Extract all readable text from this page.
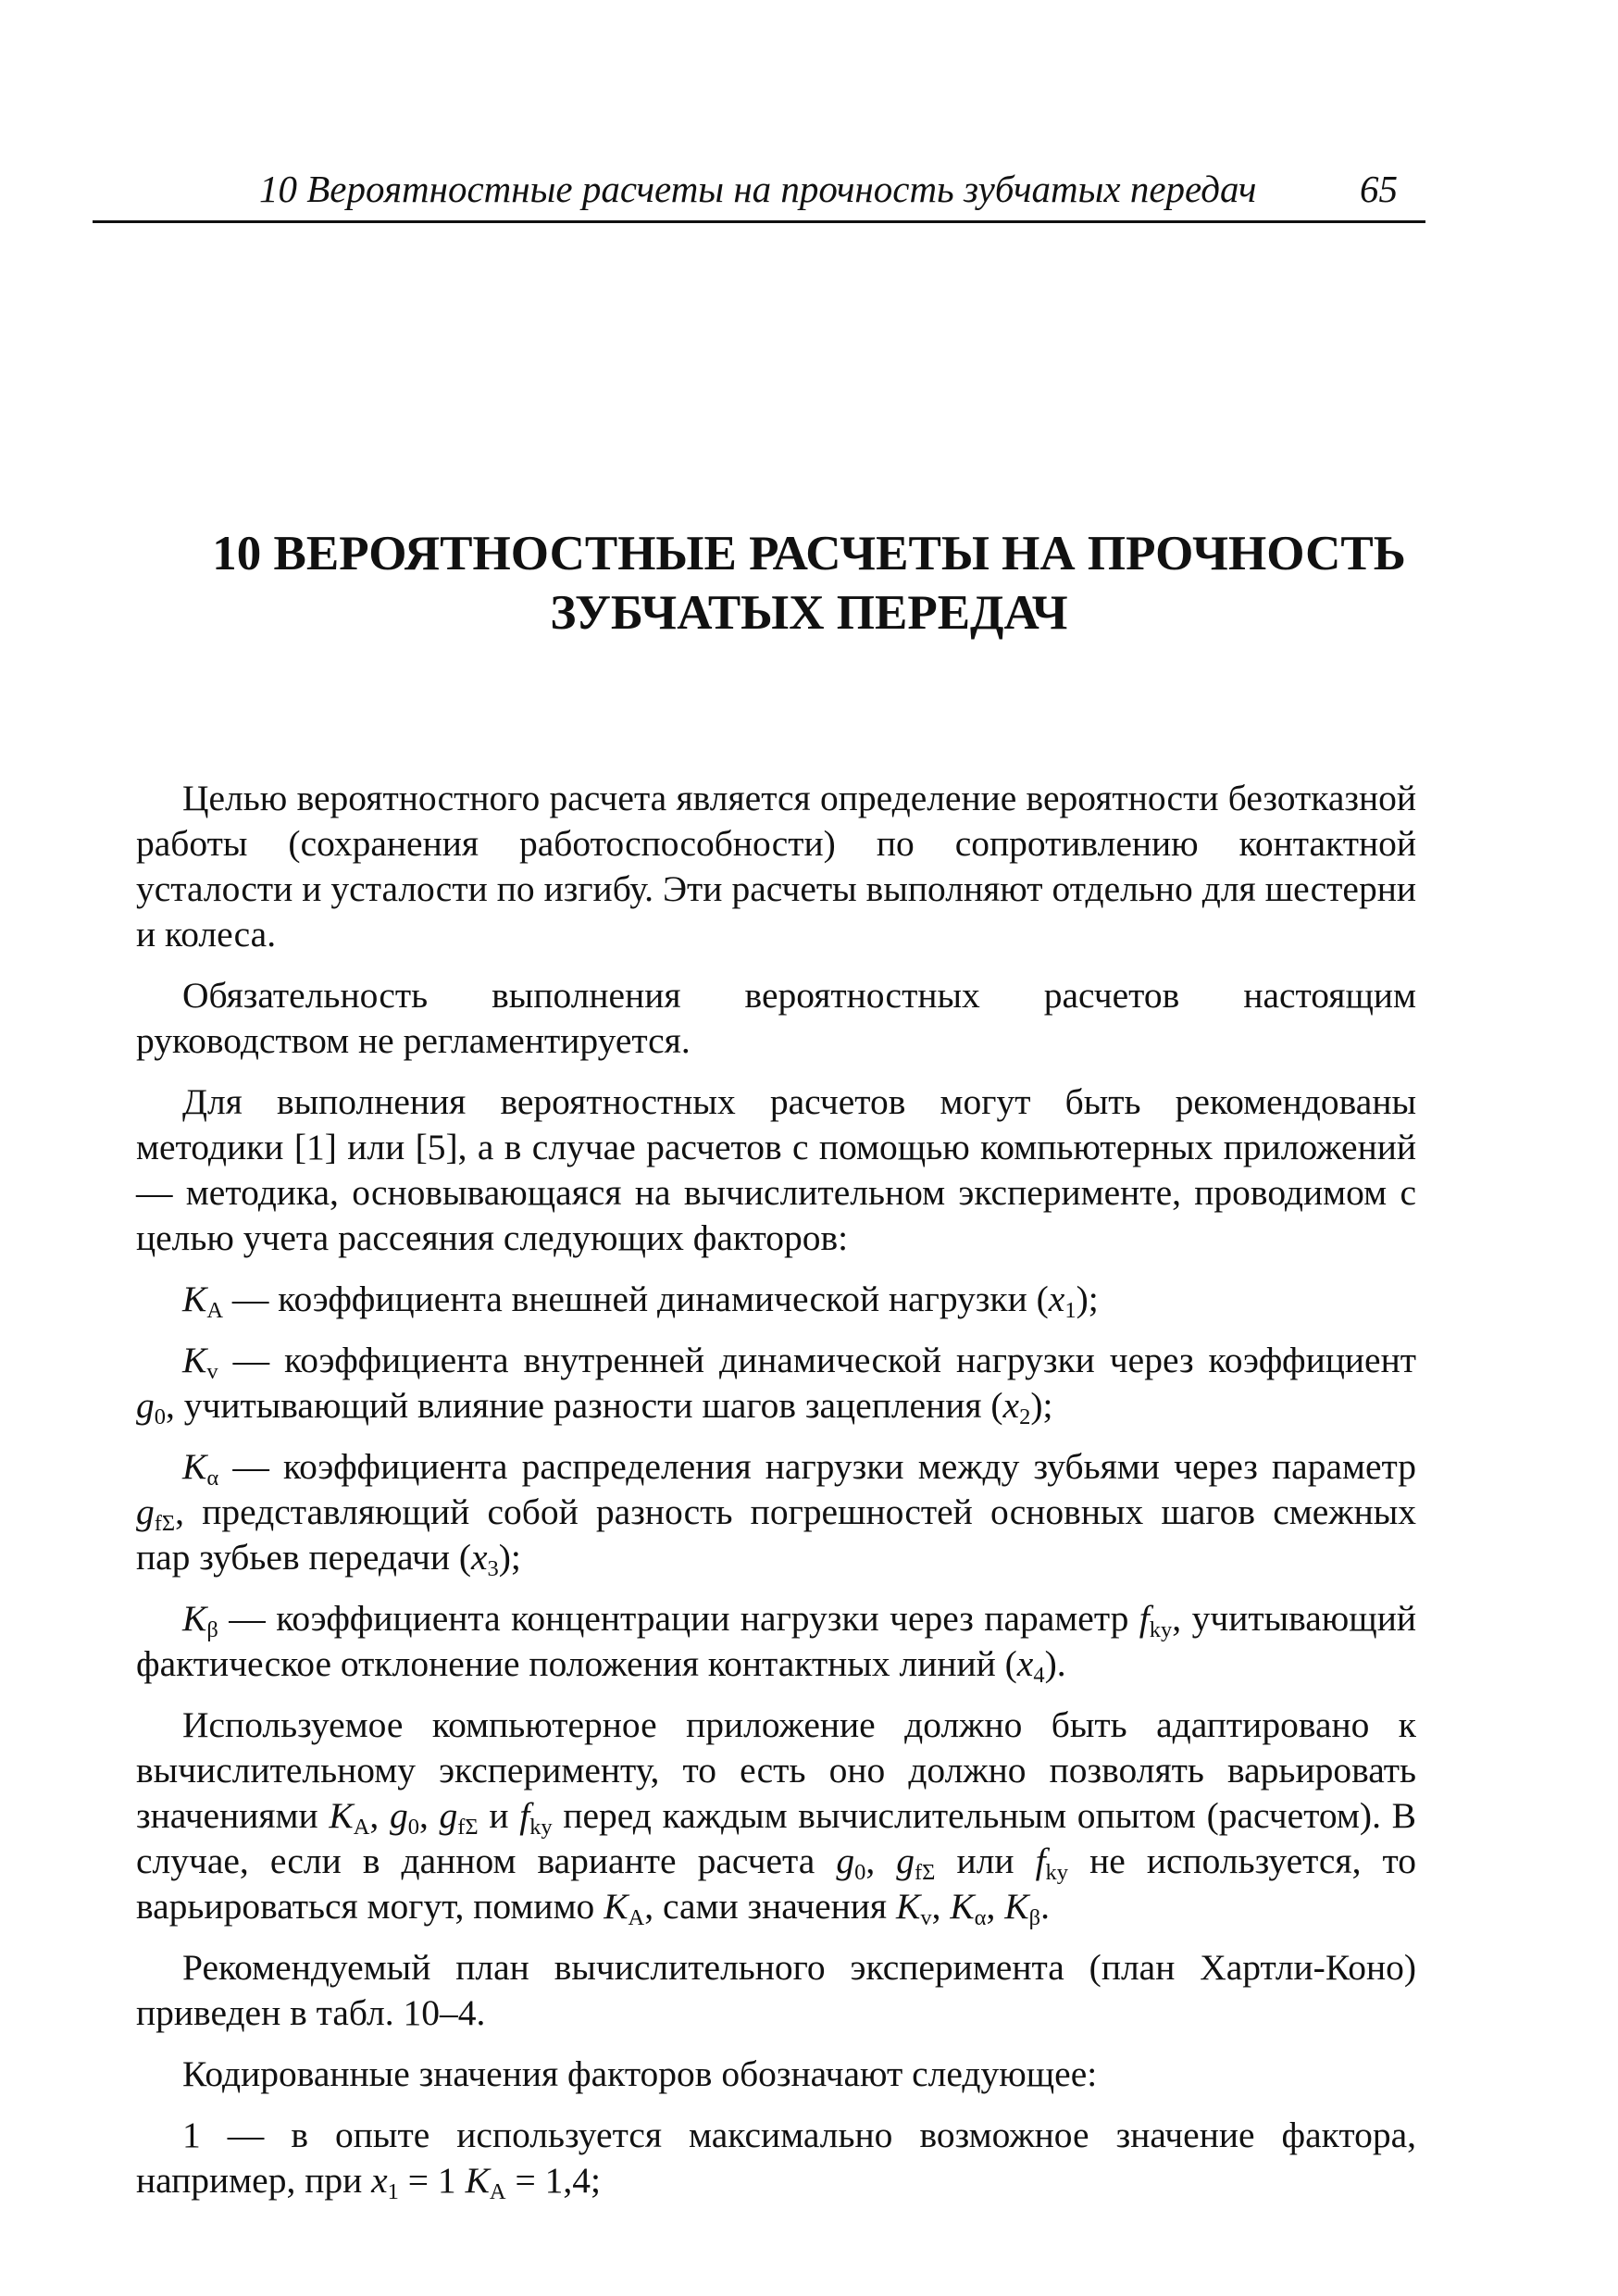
10 Вероятностные расчеты на прочность зубчатых передач	65
10 ВЕРОЯТНОСТНЫЕ РАСЧЕТЫ НА ПРОЧНОСТЬ
ЗУБЧАТЫХ ПЕРЕДАЧ

Целью вероятностного расчета является определение вероятности безотказной работы (сохранения работоспособности) по сопротивлению контактной усталости и усталости по изгибу. Эти расчеты выполняют отдельно для шестерни и колеса.

Обязательность выполнения вероятностных расчетов настоящим руководством не регламентируется.

Для выполнения вероятностных расчетов могут быть рекомендованы методики [1] или [5], а в случае расчетов с помощью компьютерных приложений — методика, основывающаяся на вычислительном эксперименте, проводимом с целью учета рассеяния следующих факторов:

$K_A$ — коэффициента внешней динамической нагрузки $(x_1)$;

$K_v$ — коэффициента внутренней динамической нагрузки через коэффициент $g_0$, учитывающий влияние разности шагов зацепления $(x_2)$;

$K_\alpha$ — коэффициента распределения нагрузки между зубьями через параметр $g_{f\Sigma}$, представляющий собой разность погрешностей основных шагов смежных пар зубьев передачи $(x_3)$;

$K_\beta$ — коэффициента концентрации нагрузки через параметр $f_{ky}$, учитывающий фактическое отклонение положения контактных линий $(x_4)$.

Используемое компьютерное приложение должно быть адаптировано к вычислительному эксперименту, то есть оно должно позволять варьировать значениями $K_A$, $g_0$, $g_{f\Sigma}$ и $f_{ky}$ перед каждым вычислительным опытом (расчетом). В случае, если в данном варианте расчета $g_0$, $g_{f\Sigma}$ или $f_{ky}$ не используется, то варьироваться могут, помимо $K_A$, сами значения $K_v$, $K_\alpha$, $K_\beta$.

Рекомендуемый план вычислительного эксперимента (план Хартли-Коно) приведен в табл. 10–4.

Кодированные значения факторов обозначают следующее:

1 — в опыте используется максимально возможное значение фактора, например, при $x_1 = 1$ $K_A = 1,4$;
